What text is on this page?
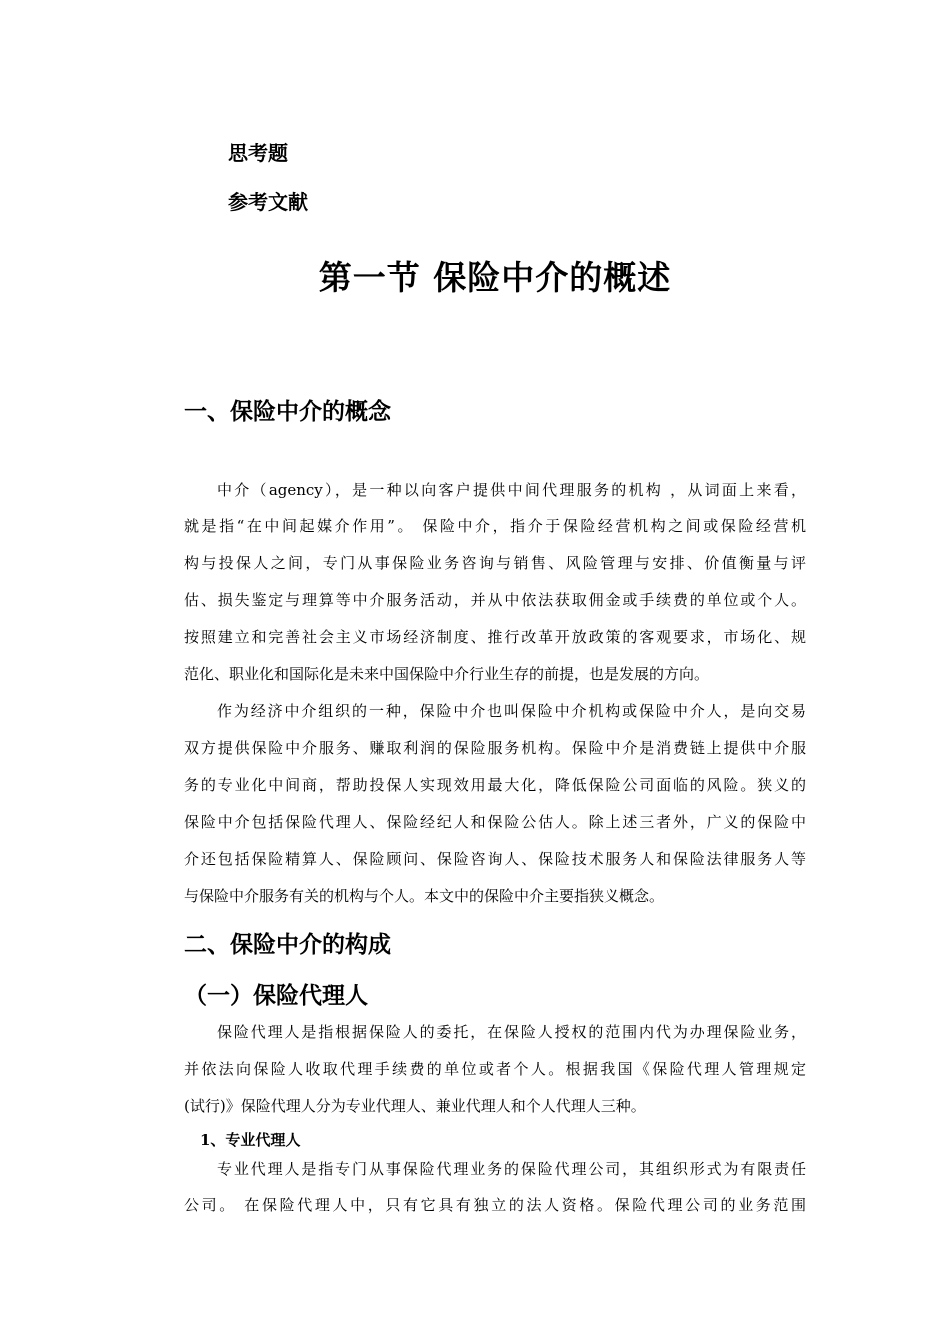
思考题

参考文献

第一节 保险中介的概述
一、保险中介的概念

中介（agency），是一种以向客户提供中间代理服务的机构 ，从词面上来看，

就是指“在中间起媒介作用”。 保险中介，指介于保险经营机构之间或保险经营机

构与投保人之间，专门从事保险业务咨询与销售、风险管理与安排、价值衡量与评

估、损失鉴定与理算等中介服务活动，并从中依法获取佣金或手续费的单位或个人。

按照建立和完善社会主义市场经济制度、推行改革开放政策的客观要求，市场化、规

范化、职业化和国际化是未来中国保险中介行业生存的前提，也是发展的方向。

作为经济中介组织的一种，保险中介也叫保险中介机构或保险中介人，是向交易

双方提供保险中介服务、赚取利润的保险服务机构。保险中介是消费链上提供中介服

务的专业化中间商，帮助投保人实现效用最大化，降低保险公司面临的风险。狭义的

保险中介包括保险代理人、保险经纪人和保险公估人。除上述三者外，广义的保险中

介还包括保险精算人、保险顾问、保险咨询人、保险技术服务人和保险法律服务人等

与保险中介服务有关的机构与个人。本文中的保险中介主要指狭义概念。

二、保险中介的构成
（一）保险代理人

保险代理人是指根据保险人的委托，在保险人授权的范围内代为办理保险业务，

并依法向保险人收取代理手续费的单位或者个人。根据我国《保险代理人管理规定

(试行)》保险代理人分为专业代理人、兼业代理人和个人代理人三种。

1、专业代理人

专业代理人是指专门从事保险代理业务的保险代理公司，其组织形式为有限责任

公司。 在保险代理人中，只有它具有独立的法人资格。保险代理公司的业务范围
